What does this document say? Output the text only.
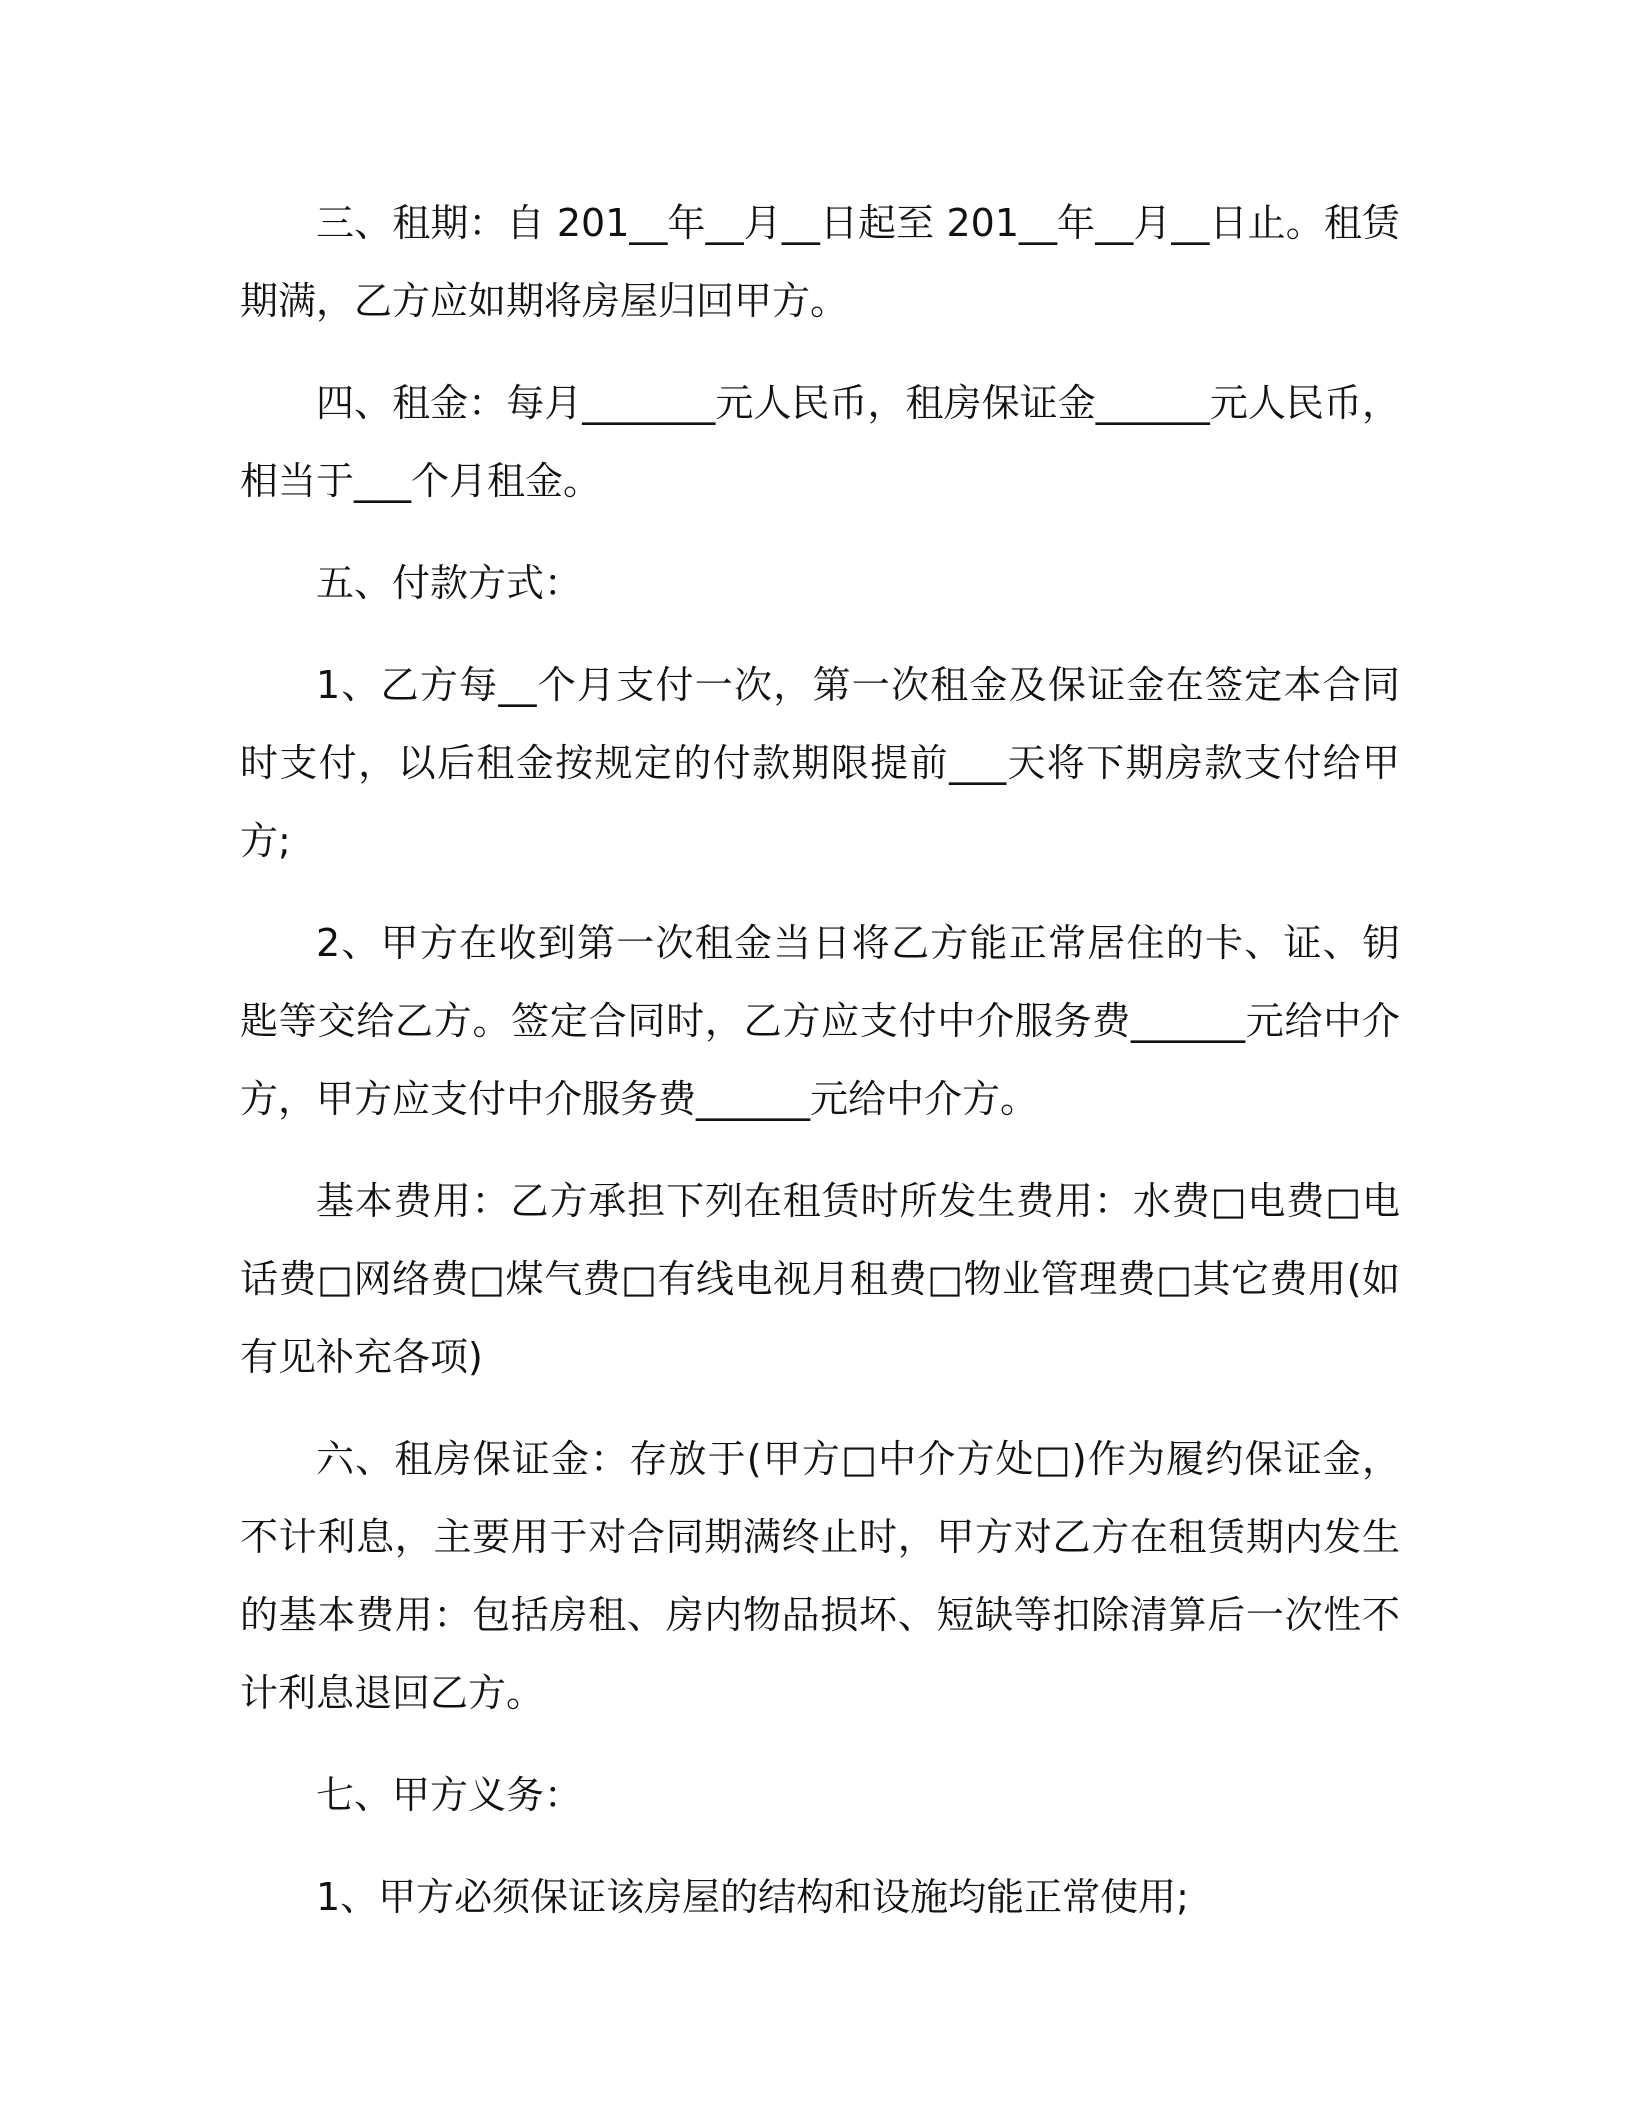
三、租期：自 201__年__月__日起至 201__年__月__日止。租赁期满，乙方应如期将房屋归回甲方。

四、租金：每月_______元人民币，租房保证金______元人民币，相当于___个月租金。

五、付款方式：

1、乙方每__个月支付一次，第一次租金及保证金在签定本合同时支付，以后租金按规定的付款期限提前___天将下期房款支付给甲方;

2、甲方在收到第一次租金当日将乙方能正常居住的卡、证、钥匙等交给乙方。签定合同时，乙方应支付中介服务费______元给中介方，甲方应支付中介服务费______元给中介方。

基本费用：乙方承担下列在租赁时所发生费用：水费□电费□电话费□网络费□煤气费□有线电视月租费□物业管理费□其它费用(如有见补充各项)

六、租房保证金：存放于(甲方□中介方处□)作为履约保证金，不计利息，主要用于对合同期满终止时，甲方对乙方在租赁期内发生的基本费用：包括房租、房内物品损坏、短缺等扣除清算后一次性不计利息退回乙方。

七、甲方义务：

1、甲方必须保证该房屋的结构和设施均能正常使用;
